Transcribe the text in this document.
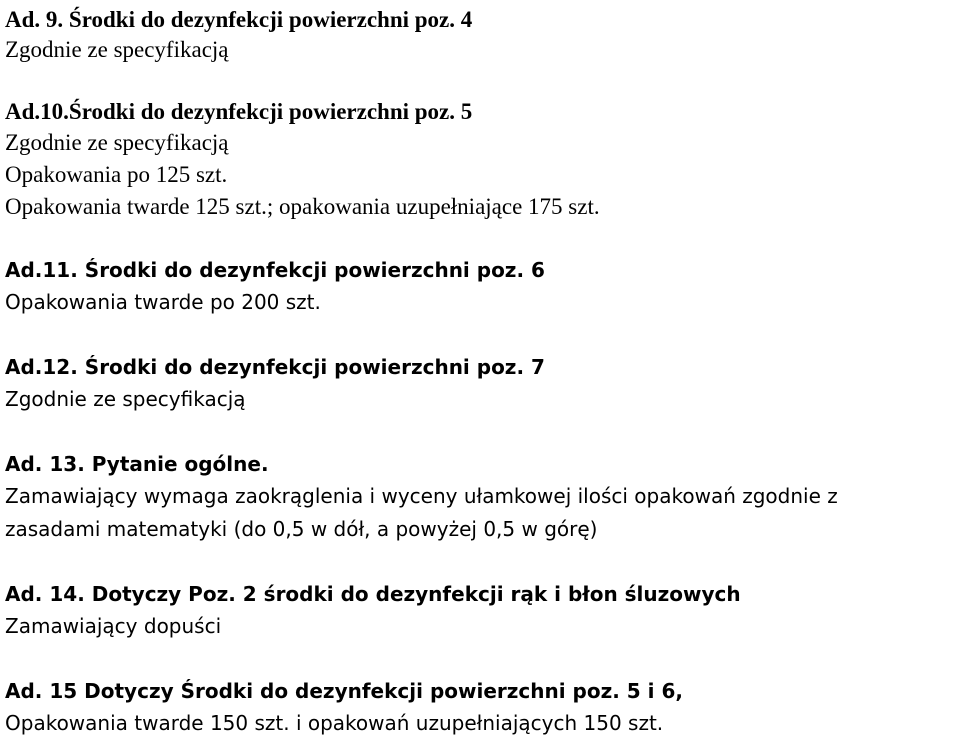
Ad. 9. Środki do dezynfekcji powierzchni poz. 4
Zgodnie ze specyfikacją
Ad.10.Środki do dezynfekcji powierzchni poz. 5
Zgodnie ze specyfikacją
Opakowania po 125 szt.
Opakowania twarde 125 szt.; opakowania uzupełniające 175 szt.
Ad.11. Środki do dezynfekcji powierzchni poz. 6
Opakowania twarde po 200 szt.
Ad.12. Środki do dezynfekcji powierzchni poz. 7
Zgodnie ze specyfikacją
Ad. 13. Pytanie ogólne.
Zamawiający wymaga zaokrąglenia i wyceny ułamkowej ilości opakowań zgodnie z
zasadami matematyki (do 0,5 w dół, a powyżej 0,5 w górę)
Ad. 14. Dotyczy Poz. 2 środki do dezynfekcji rąk i błon śluzowych
Zamawiający dopuści
Ad. 15 Dotyczy Środki do dezynfekcji powierzchni poz. 5 i 6,
Opakowania twarde 150 szt. i opakowań uzupełniających 150 szt.
